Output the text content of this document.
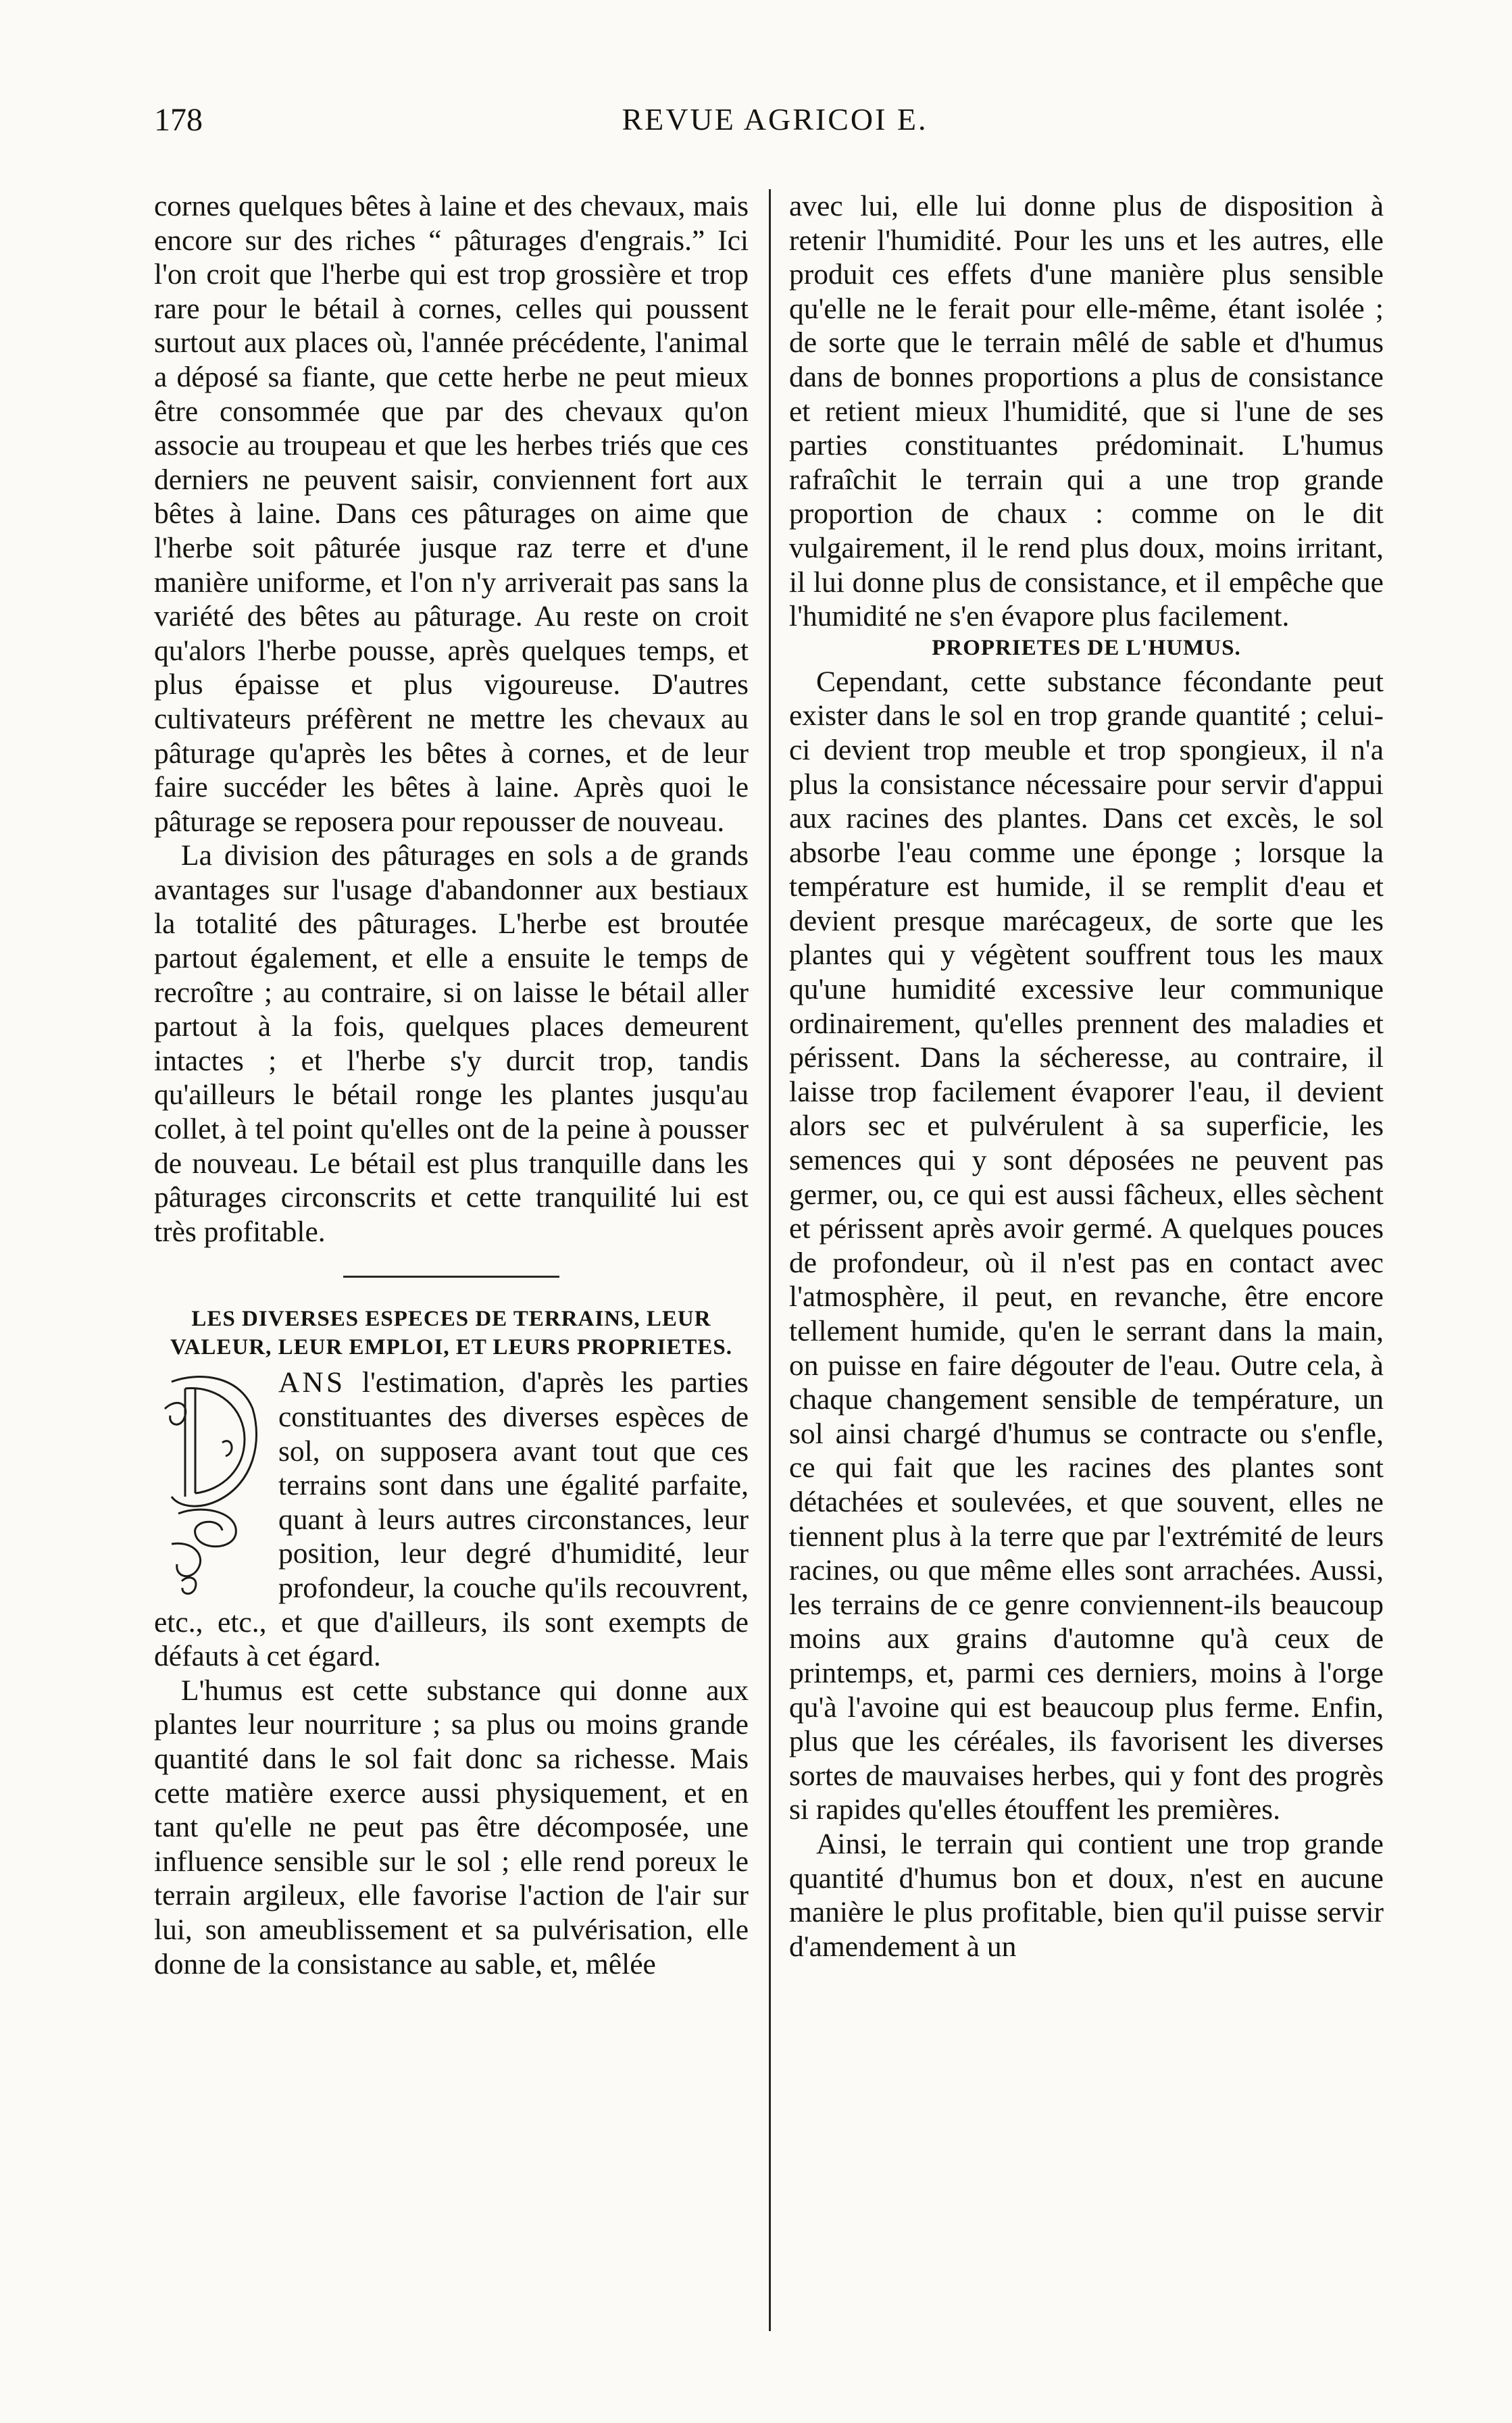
178	REVUE AGRICOI E.

cornes quelques bêtes à laine et des chevaux, mais encore sur des riches “ pâturages d'engrais.” Ici l'on croit que l'herbe qui est trop grossière et trop rare pour le bétail à cornes, celles qui poussent surtout aux places où, l'année précédente, l'animal a déposé sa fiante, que cette herbe ne peut mieux être consommée que par des chevaux qu'on associe au troupeau et que les herbes triés que ces derniers ne peuvent saisir, conviennent fort aux bêtes à laine. Dans ces pâturages on aime que l'herbe soit pâturée jusque raz terre et d'une manière uniforme, et l'on n'y arriverait pas sans la variété des bêtes au pâturage. Au reste on croit qu'alors l'herbe pousse, après quelques temps, et plus épaisse et plus vigoureuse. D'autres cultivateurs préfèrent ne mettre les chevaux au pâturage qu'après les bêtes à cornes, et de leur faire succéder les bêtes à laine. Après quoi le pâturage se reposera pour repousser de nouveau.

La division des pâturages en sols a de grands avantages sur l'usage d'abandonner aux bestiaux la totalité des pâturages. L'herbe est broutée partout également, et elle a ensuite le temps de recroître ; au contraire, si on laisse le bétail aller partout à la fois, quelques places demeurent intactes ; et l'herbe s'y durcit trop, tandis qu'ailleurs le bétail ronge les plantes jusqu'au collet, à tel point qu'elles ont de la peine à pousser de nouveau. Le bétail est plus tranquille dans les pâturages circonscrits et cette tranquilité lui est très profitable.

LES DIVERSES ESPECES DE TERRAINS, LEUR VALEUR, LEUR EMPLOI, ET LEURS PROPRIETES.

ANS l'estimation, d'après les parties constituantes des diverses espèces de sol, on supposera avant tout que ces terrains sont dans une égalité parfaite, quant à leurs autres circonstances, leur position, leur degré d'humidité, leur profondeur, la couche qu'ils recouvrent, etc., etc., et que d'ailleurs, ils sont exempts de défauts à cet égard.

L'humus est cette substance qui donne aux plantes leur nourriture ; sa plus ou moins grande quantité dans le sol fait donc sa richesse. Mais cette matière exerce aussi physiquement, et en tant qu'elle ne peut pas être décomposée, une influence sensible sur le sol ; elle rend poreux le terrain argileux, elle favorise l'action de l'air sur lui, son ameublissement et sa pulvérisation, elle donne de la consistance au sable, et, mêlée

avec lui, elle lui donne plus de disposition à retenir l'humidité. Pour les uns et les autres, elle produit ces effets d'une manière plus sensible qu'elle ne le ferait pour elle-même, étant isolée ; de sorte que le terrain mêlé de sable et d'humus dans de bonnes proportions a plus de consistance et retient mieux l'humidité, que si l'une de ses parties constituantes prédominait. L'humus rafraîchit le terrain qui a une trop grande proportion de chaux : comme on le dit vulgairement, il le rend plus doux, moins irritant, il lui donne plus de consistance, et il empêche que l'humidité ne s'en évapore plus facilement.

PROPRIETES DE L'HUMUS.

Cependant, cette substance fécondante peut exister dans le sol en trop grande quantité ; celui-ci devient trop meuble et trop spongieux, il n'a plus la consistance nécessaire pour servir d'appui aux racines des plantes. Dans cet excès, le sol absorbe l'eau comme une éponge ; lorsque la température est humide, il se remplit d'eau et devient presque marécageux, de sorte que les plantes qui y végètent souffrent tous les maux qu'une humidité excessive leur communique ordinairement, qu'elles prennent des maladies et périssent. Dans la sécheresse, au contraire, il laisse trop facilement évaporer l'eau, il devient alors sec et pulvérulent à sa superficie, les semences qui y sont déposées ne peuvent pas germer, ou, ce qui est aussi fâcheux, elles sèchent et périssent après avoir germé. A quelques pouces de profondeur, où il n'est pas en contact avec l'atmosphère, il peut, en revanche, être encore tellement humide, qu'en le serrant dans la main, on puisse en faire dégouter de l'eau. Outre cela, à chaque changement sensible de température, un sol ainsi chargé d'humus se contracte ou s'enfle, ce qui fait que les racines des plantes sont détachées et soulevées, et que souvent, elles ne tiennent plus à la terre que par l'extrémité de leurs racines, ou que même elles sont arrachées. Aussi, les terrains de ce genre conviennent-ils beaucoup moins aux grains d'automne qu'à ceux de printemps, et, parmi ces derniers, moins à l'orge qu'à l'avoine qui est beaucoup plus ferme. Enfin, plus que les céréales, ils favorisent les diverses sortes de mauvaises herbes, qui y font des progrès si rapides qu'elles étouffent les premières.

Ainsi, le terrain qui contient une trop grande quantité d'humus bon et doux, n'est en aucune manière le plus profitable, bien qu'il puisse servir d'amendement à un
